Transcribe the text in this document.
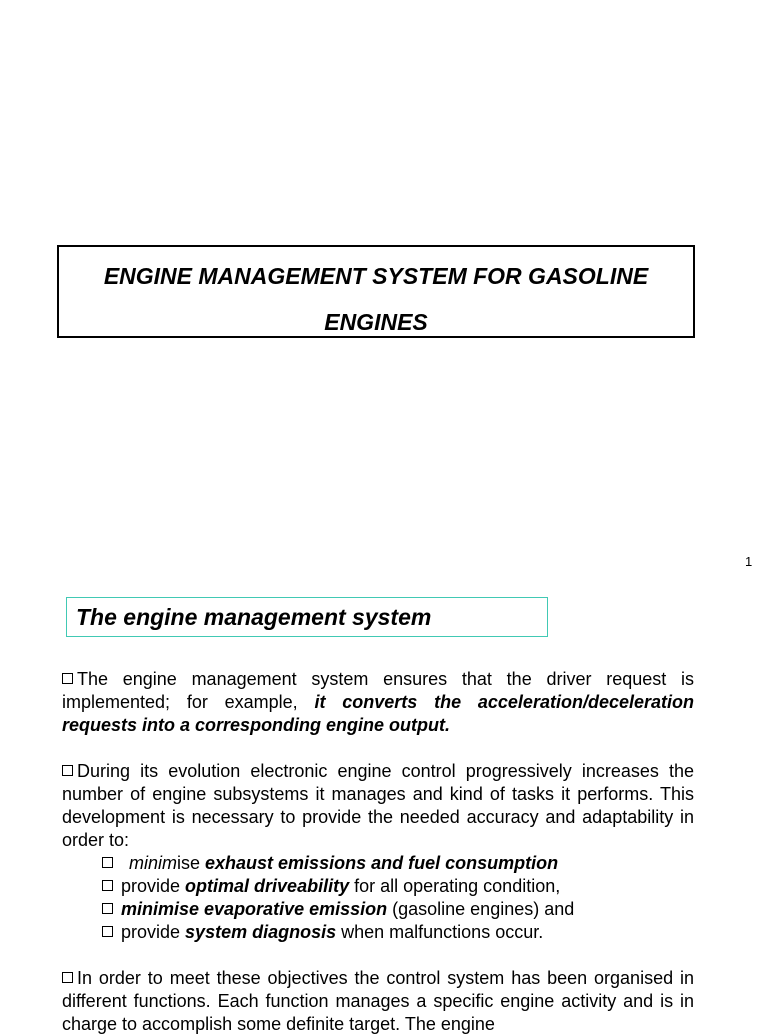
ENGINE MANAGEMENT SYSTEM FOR GASOLINE
ENGINES
1
The engine management system
The engine management system ensures that the driver request is implemented; for example, it converts the acceleration/deceleration requests into a corresponding engine output.
During its evolution electronic engine control progressively increases the number of engine subsystems it manages and kind of tasks it performs. This development is necessary to provide the needed accuracy and adaptability in order to:
minimise exhaust emissions and fuel consumption
provide optimal driveability for all operating condition,
minimise evaporative emission (gasoline engines) and
provide system diagnosis when malfunctions occur.
In order to meet these objectives the control system has been organised in different functions. Each function manages a specific engine activity and is in charge to accomplish some definite target. The engine
